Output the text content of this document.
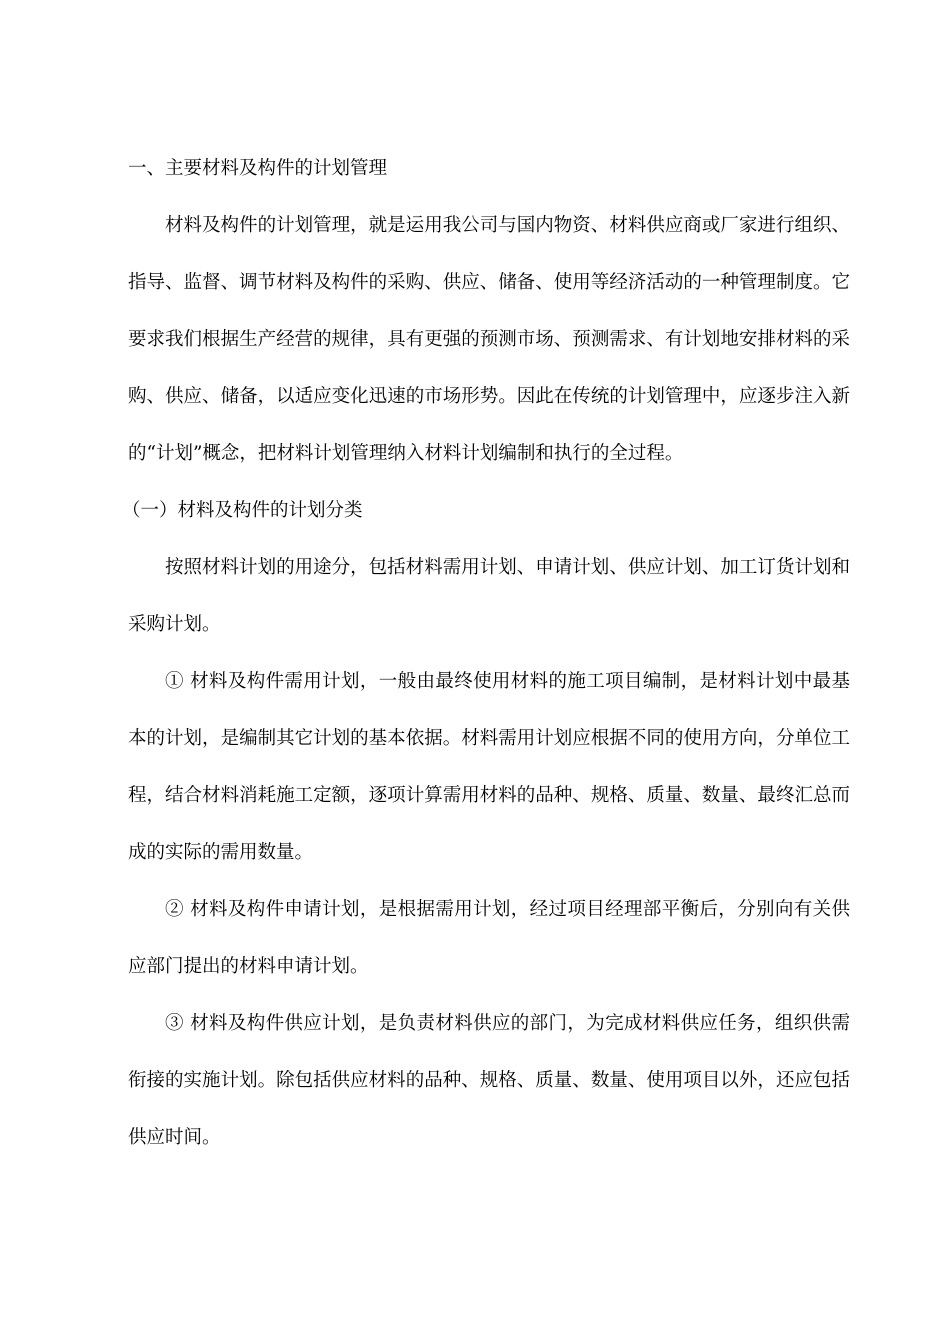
一、主要材料及构件的计划管理

材料及构件的计划管理，就是运用我公司与国内物资、材料供应商或厂家进行组织、指导、监督、调节材料及构件的采购、供应、储备、使用等经济活动的一种管理制度。它要求我们根据生产经营的规律，具有更强的预测市场、预测需求、有计划地安排材料的采购、供应、储备，以适应变化迅速的市场形势。因此在传统的计划管理中，应逐步注入新的“计划”概念，把材料计划管理纳入材料计划编制和执行的全过程。

（一）材料及构件的计划分类

按照材料计划的用途分，包括材料需用计划、申请计划、供应计划、加工订货计划和采购计划。

① 材料及构件需用计划，一般由最终使用材料的施工项目编制，是材料计划中最基本的计划，是编制其它计划的基本依据。材料需用计划应根据不同的使用方向，分单位工程，结合材料消耗施工定额，逐项计算需用材料的品种、规格、质量、数量、最终汇总而成的实际的需用数量。

② 材料及构件申请计划，是根据需用计划，经过项目经理部平衡后，分别向有关供应部门提出的材料申请计划。

③ 材料及构件供应计划，是负责材料供应的部门，为完成材料供应任务，组织供需衔接的实施计划。除包括供应材料的品种、规格、质量、数量、使用项目以外，还应包括供应时间。
